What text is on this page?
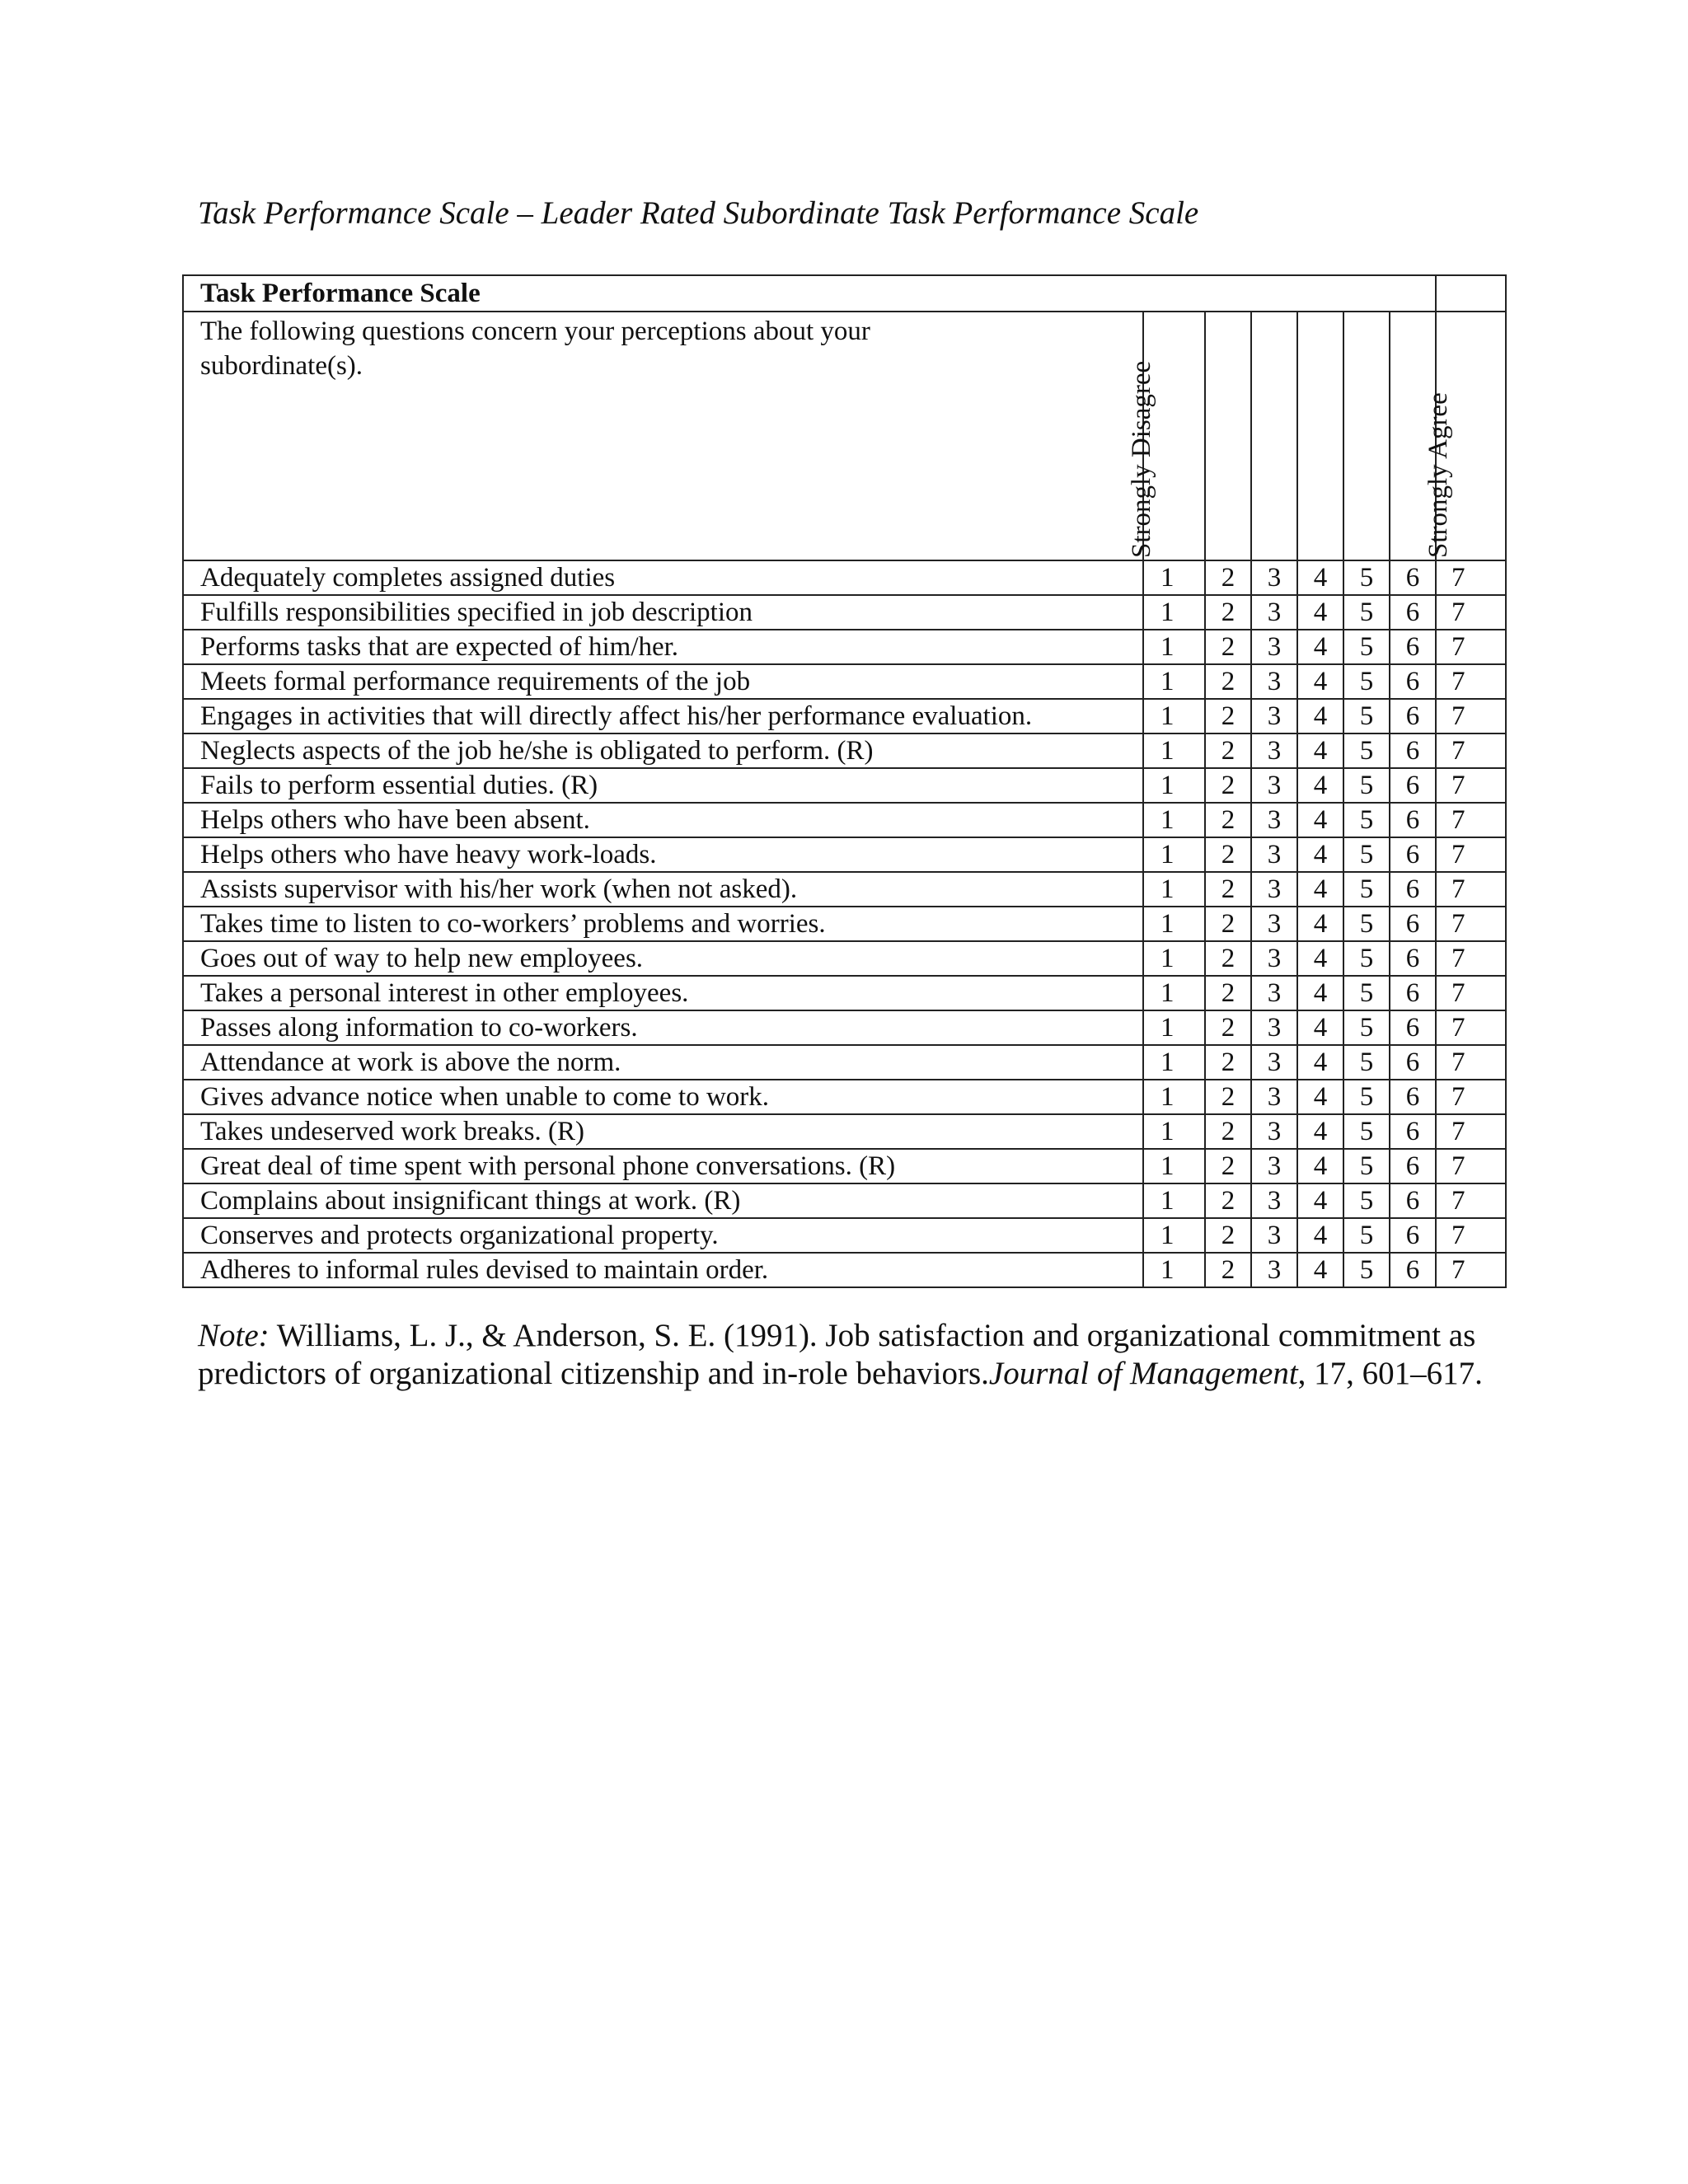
Task Performance Scale – Leader Rated Subordinate Task Performance Scale
Task Performance Scale							
The following questions concern your perceptions about your subordinate(s).	Strongly Disagree						Strongly Agree

Adequately completes assigned duties	1	2	3	4	5	6	7
Fulfills responsibilities specified in job description	1	2	3	4	5	6	7
Performs tasks that are expected of him/her.	1	2	3	4	5	6	7
Meets formal performance requirements of the job	1	2	3	4	5	6	7
Engages in activities that will directly affect his/her performance evaluation.	1	2	3	4	5	6	7
Neglects aspects of the job he/she is obligated to perform. (R)	1	2	3	4	5	6	7
Fails to perform essential duties. (R)	1	2	3	4	5	6	7
Helps others who have been absent.	1	2	3	4	5	6	7
Helps others who have heavy work-loads.	1	2	3	4	5	6	7
Assists supervisor with his/her work (when not asked).	1	2	3	4	5	6	7
Takes time to listen to co-workers’ problems and worries.	1	2	3	4	5	6	7
Goes out of way to help new employees.	1	2	3	4	5	6	7
Takes a personal interest in other employees.	1	2	3	4	5	6	7
Passes along information to co-workers.	1	2	3	4	5	6	7
Attendance at work is above the norm.	1	2	3	4	5	6	7
Gives advance notice when unable to come to work.	1	2	3	4	5	6	7
Takes undeserved work breaks. (R)	1	2	3	4	5	6	7
Great deal of time spent with personal phone conversations. (R)	1	2	3	4	5	6	7
Complains about insignificant things at work. (R)	1	2	3	4	5	6	7
Conserves and protects organizational property.	1	2	3	4	5	6	7
Adheres to informal rules devised to maintain order.	1	2	3	4	5	6	7
Note: Williams, L. J., & Anderson, S. E. (1991). Job satisfaction and organizational commitment as predictors of organizational citizenship and in-role behaviors.Journal of Management, 17, 601–617.
